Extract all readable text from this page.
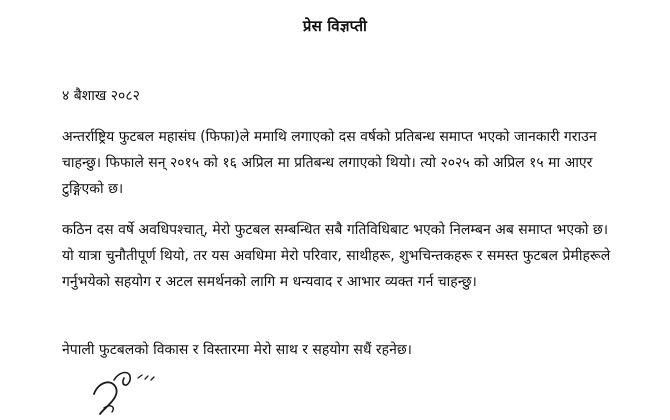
प्रेस विज्ञप्ती
४ बैशाख २०८२

अन्तर्राष्ट्रिय फुटबल महासंघ (फिफा)ले ममाथि लगाएको दस वर्षको प्रतिबन्ध समाप्त भएको जानकारी गराउन चाहन्छु। फिफाले सन् २०१५ को १६ अप्रिल मा प्रतिबन्ध लगाएको थियो। त्यो २०२५ को अप्रिल १५ मा आएर टुङ्गिएको छ।

कठिन दस वर्षे अवधिपश्चात्, मेरो फुटबल सम्बन्धित सबै गतिविधिबाट भएको निलम्बन अब समाप्त भएको छ। यो यात्रा चुनौतीपूर्ण थियो, तर यस अवधिमा मेरो परिवार, साथीहरू, शुभचिन्तकहरू र समस्त फुटबल प्रेमीहरूले गर्नुभयेको सहयोग र अटल समर्थनको लागि म धन्यवाद र आभार व्यक्त गर्न चाहन्छु।

नेपाली फुटबलको विकास र विस्तारमा मेरो साथ र सहयोग सधैं रहनेछ।
